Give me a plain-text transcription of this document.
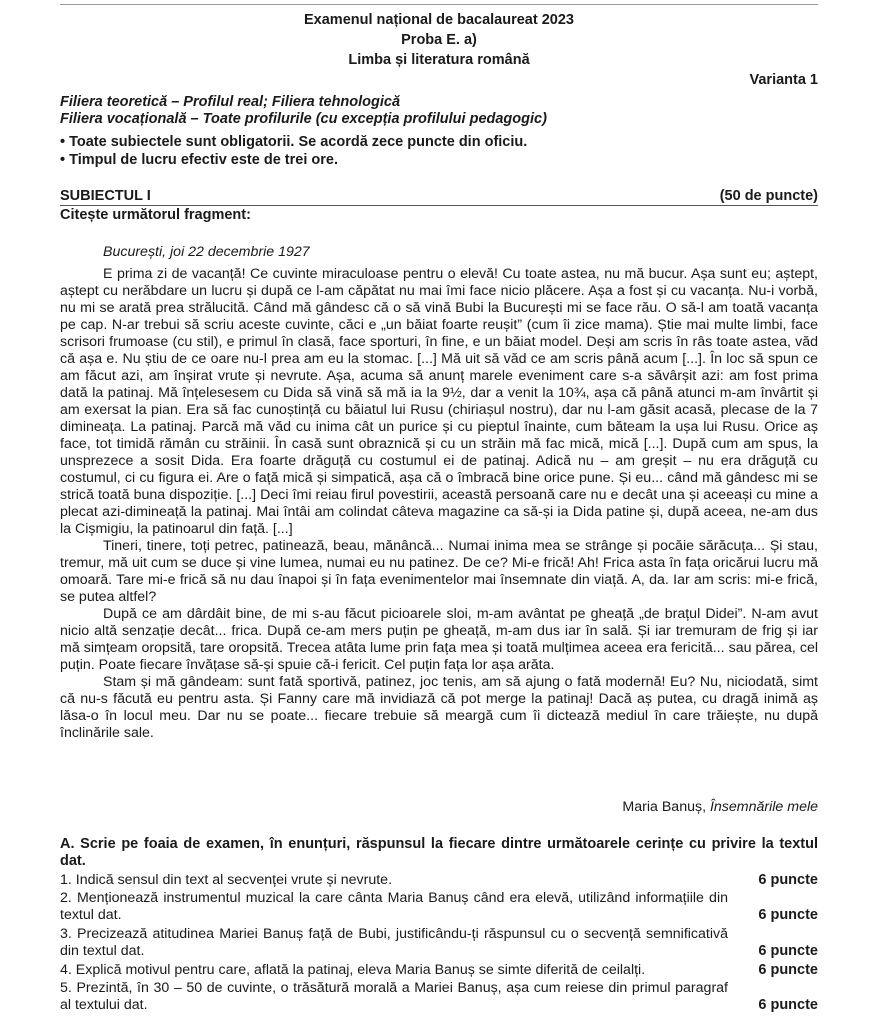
Examenul național de bacalaureat 2023
Proba E. a)
Limba și literatura română
Varianta 1
Filiera teoretică – Profilul real; Filiera tehnologică
Filiera vocațională – Toate profilurile (cu excepția profilului pedagogic)
• Toate subiectele sunt obligatorii. Se acordă zece puncte din oficiu.
• Timpul de lucru efectiv este de trei ore.
SUBIECTUL I	(50 de puncte)
Citește următorul fragment:
București, joi 22 decembrie 1927

E prima zi de vacanță! Ce cuvinte miraculoase pentru o elevă! Cu toate astea, nu mă bucur. Așa sunt eu; aștept, aștept cu nerăbdare un lucru și după ce l-am căpătat nu mai îmi face nicio plăcere. Așa a fost și cu vacanța. Nu-i vorbă, nu mi se arată prea strălucită. Când mă gândesc că o să vină Bubi la București mi se face rău. O să-l am toată vacanța pe cap. N-ar trebui să scriu aceste cuvinte, căci e „un băiat foarte reușit” (cum îi zice mama). Știe mai multe limbi, face scrisori frumoase (cu stil), e primul în clasă, face sporturi, în fine, e un băiat model. Deși am scris în râs toate astea, văd că așa e. Nu știu de ce oare nu-l prea am eu la stomac. [...] Mă uit să văd ce am scris până acum [...]. În loc să spun ce am făcut azi, am înșirat vrute și nevrute. Așa, acuma să anunț marele eveniment care s-a săvârșit azi: am fost prima dată la patinaj. Mă înțelesesem cu Dida să vină să mă ia la 9½, dar a venit la 10¾, așa că până atunci m-am învârtit și am exersat la pian. Era să fac cunoștință cu băiatul lui Rusu (chiriașul nostru), dar nu l-am găsit acasă, plecase de la 7 dimineața. La patinaj. Parcă mă văd cu inima cât un purice și cu pieptul înainte, cum băteam la ușa lui Rusu. Orice aș face, tot timidă rămân cu străinii. În casă sunt obraznică și cu un străin mă fac mică, mică [...]. După cum am spus, la unsprezece a sosit Dida. Era foarte drăguță cu costumul ei de patinaj. Adică nu – am greșit – nu era drăguță cu costumul, ci cu figura ei. Are o față mică și simpatică, așa că o îmbracă bine orice pune. Și eu... când mă gândesc mi se strică toată buna dispoziție. [...] Deci îmi reiau firul povestirii, această persoană care nu e decât una și aceeași cu mine a plecat azi-dimineață la patinaj. Mai întâi am colindat câteva magazine ca să-și ia Dida patine și, după aceea, ne-am dus la Cișmigiu, la patinoarul din față. [...]

Tineri, tinere, toți petrec, patinează, beau, mănâncă... Numai inima mea se strânge și pocăie sărăcuța... Și stau, tremur, mă uit cum se duce și vine lumea, numai eu nu patinez. De ce? Mi-e frică! Ah! Frica asta în fața oricărui lucru mă omoară. Tare mi-e frică să nu dau înapoi și în fața evenimentelor mai însemnate din viață. A, da. Iar am scris: mi-e frică, se putea altfel?

După ce am dârdâit bine, de mi s-au făcut picioarele sloi, m-am avântat pe gheață „de brațul Didei”. N-am avut nicio altă senzație decât... frica. După ce-am mers puțin pe gheață, m-am dus iar în sală. Și iar tremuram de frig și iar mă simțeam oropsită, tare oropsită. Trecea atâta lume prin fața mea și toată mulțimea aceea era fericită... sau părea, cel puțin. Poate fiecare învățase să-și spuie că-i fericit. Cel puțin fața lor așa arăta.

Stam și mă gândeam: sunt fată sportivă, patinez, joc tenis, am să ajung o fată modernă! Eu? Nu, niciodată, simt că nu-s făcută eu pentru asta. Și Fanny care mă invidiază că pot merge la patinaj! Dacă aș putea, cu dragă inimă aș lăsa-o în locul meu. Dar nu se poate... fiecare trebuie să meargă cum îi dictează mediul în care trăiește, nu după înclinările sale.

Maria Banuș, Însemnările mele
A. Scrie pe foaia de examen, în enunțuri, răspunsul la fiecare dintre următoarele cerințe cu privire la textul dat.
1. Indică sensul din text al secvenței vrute și nevrute.	6 puncte
2. Menționează instrumentul muzical la care cânta Maria Banuș când era elevă, utilizând informațiile din textul dat.	6 puncte
3. Precizează atitudinea Mariei Banuș față de Bubi, justificându-ți răspunsul cu o secvență semnificativă din textul dat.	6 puncte
4. Explică motivul pentru care, aflată la patinaj, eleva Maria Banuș se simte diferită de ceilalți.	6 puncte
5. Prezintă, în 30 – 50 de cuvinte, o trăsătură morală a Mariei Banuș, așa cum reiese din primul paragraf al textului dat.	6 puncte
